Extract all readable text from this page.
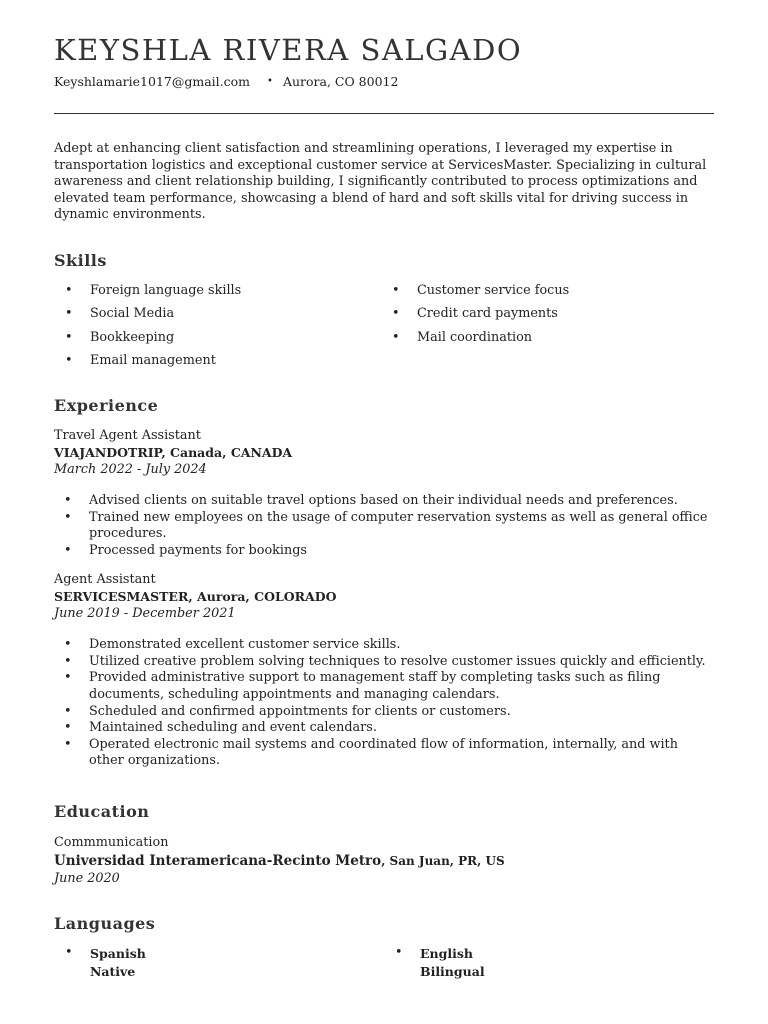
KEYSHLA RIVERA SALGADO
Keyshlamarie1017@gmail.com • Aurora, CO 80012

Adept at enhancing client satisfaction and streamlining operations, I leveraged my expertise in transportation logistics and exceptional customer service at ServicesMaster. Specializing in cultural awareness and client relationship building, I significantly contributed to process optimizations and elevated team performance, showcasing a blend of hard and soft skills vital for driving success in dynamic environments.

Skills
• Foreign language skills
• Social Media
• Bookkeeping
• Email management
• Customer service focus
• Credit card payments
• Mail coordination
Experience
Travel Agent Assistant
VIAJANDOTRIP, Canada, CANADA
March 2022 - July 2024
• Advised clients on suitable travel options based on their individual needs and preferences.
• Trained new employees on the usage of computer reservation systems as well as general office procedures.
• Processed payments for bookings
Agent Assistant
SERVICESMASTER, Aurora, COLORADO
June 2019 - December 2021
• Demonstrated excellent customer service skills.
• Utilized creative problem solving techniques to resolve customer issues quickly and efficiently.
• Provided administrative support to management staff by completing tasks such as filing documents, scheduling appointments and managing calendars.
• Scheduled and confirmed appointments for clients or customers.
• Maintained scheduling and event calendars.
• Operated electronic mail systems and coordinated flow of information, internally, and with other organizations.
Education
Commmunication
Universidad Interamericana-Recinto Metro, San Juan, PR, US
June 2020
Languages
• Spanish
Native
• English
Bilingual
